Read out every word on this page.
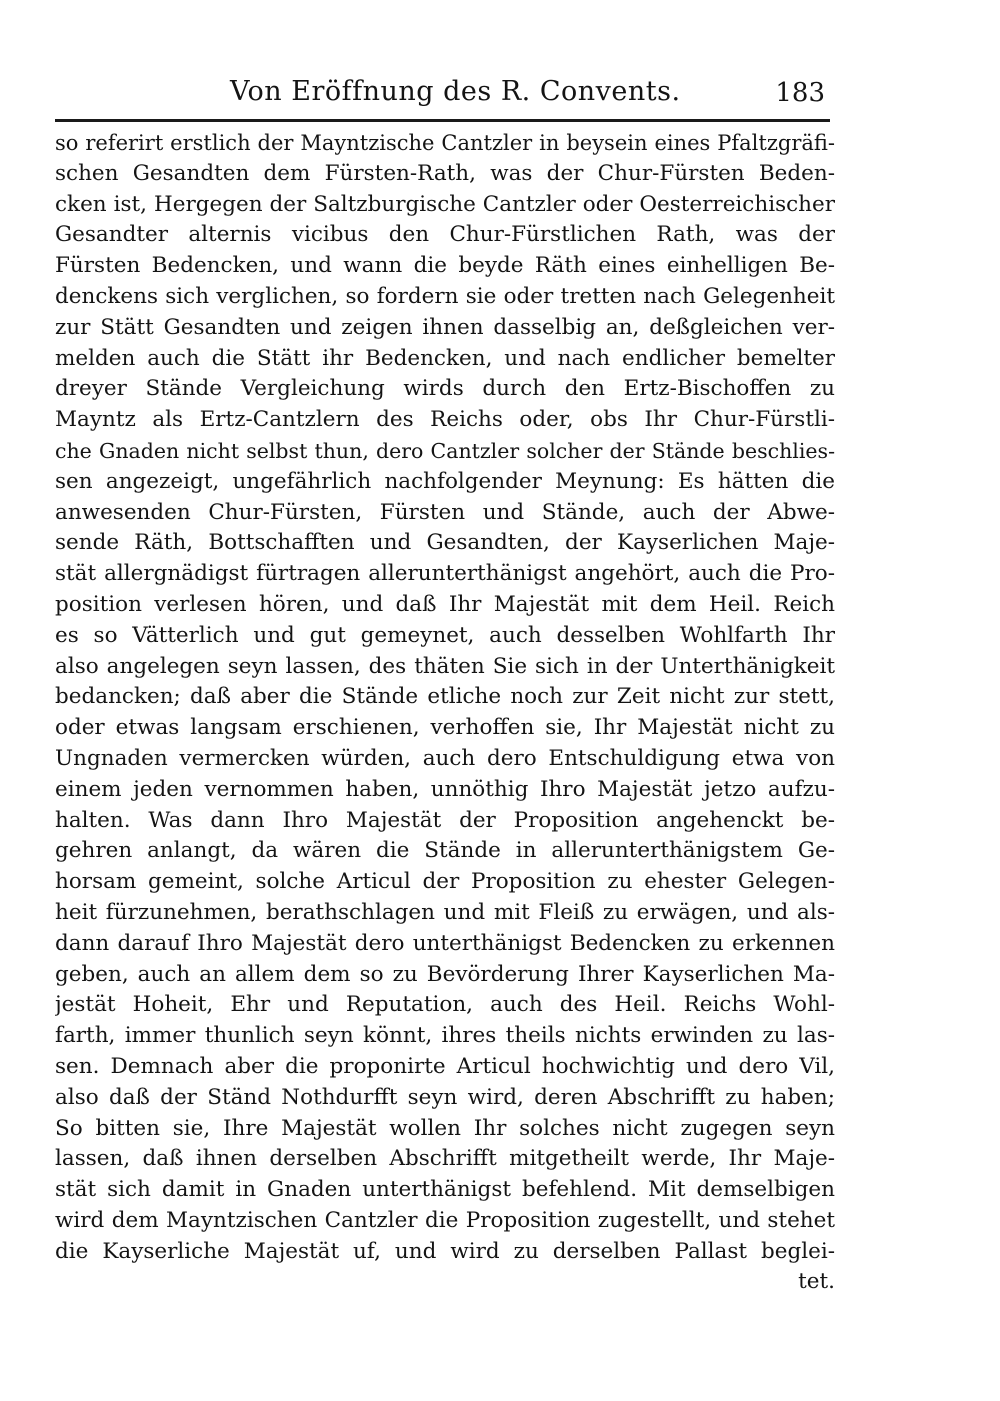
Von Eröffnung des R. Convents.	183
so referirt erstlich der Mayntzische Cantzler in beysein eines Pfaltzgräfi-
schen Gesandten dem Fürsten-Rath, was der Chur-Fürsten Beden-
cken ist, Hergegen der Saltzburgische Cantzler oder Oesterreichischer
Gesandter alternis vicibus den Chur-Fürstlichen Rath, was der
Fürsten Bedencken, und wann die beyde Räth eines einhelligen Be-
denckens sich verglichen, so fordern sie oder tretten nach Gelegenheit
zur Stätt Gesandten und zeigen ihnen dasselbig an, deßgleichen ver-
melden auch die Stätt ihr Bedencken, und nach endlicher bemelter
dreyer Stände Vergleichung wirds durch den Ertz-Bischoffen zu
Mayntz als Ertz-Cantzlern des Reichs oder, obs Ihr Chur-Fürstli-
che Gnaden nicht selbst thun, dero Cantzler solcher der Stände beschlies-
sen angezeigt, ungefährlich nachfolgender Meynung: Es hätten die
anwesenden Chur-Fürsten, Fürsten und Stände, auch der Abwe-
sende Räth, Bottschafften und Gesandten, der Kayserlichen Maje-
stät allergnädigst fürtragen allerunterthänigst angehört, auch die Pro-
position verlesen hören, und daß Ihr Majestät mit dem Heil. Reich
es so Vätterlich und gut gemeynet, auch desselben Wohlfarth Ihr
also angelegen seyn lassen, des thäten Sie sich in der Unterthänigkeit
bedancken; daß aber die Stände etliche noch zur Zeit nicht zur stett,
oder etwas langsam erschienen, verhoffen sie, Ihr Majestät nicht zu
Ungnaden vermercken würden, auch dero Entschuldigung etwa von
einem jeden vernommen haben, unnöthig Ihro Majestät jetzo aufzu-
halten. Was dann Ihro Majestät der Proposition angehenckt be-
gehren anlangt, da wären die Stände in allerunterthänigstem Ge-
horsam gemeint, solche Articul der Proposition zu ehester Gelegen-
heit fürzunehmen, berathschlagen und mit Fleiß zu erwägen, und als-
dann darauf Ihro Majestät dero unterthänigst Bedencken zu erkennen
geben, auch an allem dem so zu Bevörderung Ihrer Kayserlichen Ma-
jestät Hoheit, Ehr und Reputation, auch des Heil. Reichs Wohl-
farth, immer thunlich seyn könnt, ihres theils nichts erwinden zu las-
sen. Demnach aber die proponirte Articul hochwichtig und dero Vil,
also daß der Ständ Nothdurfft seyn wird, deren Abschrifft zu haben;
So bitten sie, Ihre Majestät wollen Ihr solches nicht zugegen seyn
lassen, daß ihnen derselben Abschrifft mitgetheilt werde, Ihr Maje-
stät sich damit in Gnaden unterthänigst befehlend. Mit demselbigen
wird dem Mayntzischen Cantzler die Proposition zugestellt, und stehet
die Kayserliche Majestät uf, und wird zu derselben Pallast beglei-
tet.
